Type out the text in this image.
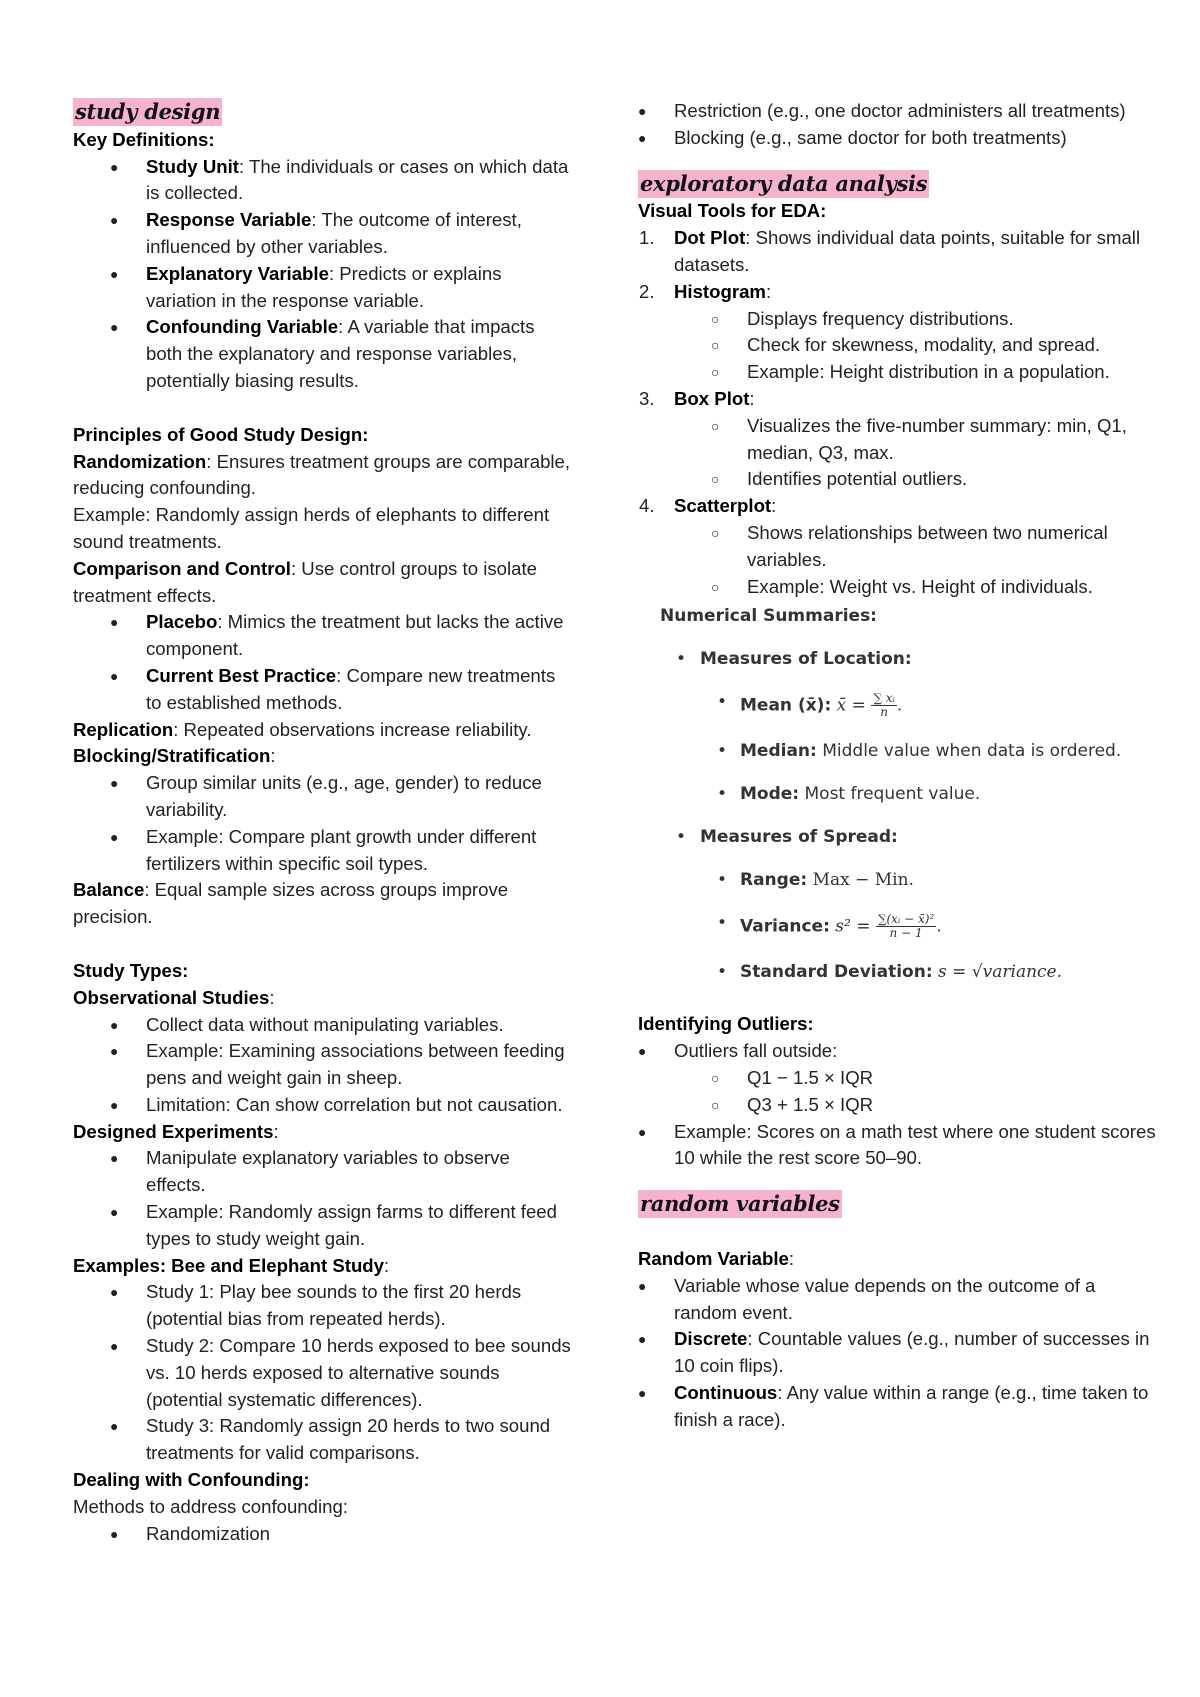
study design

Key Definitions:

● Study Unit: The individuals or cases on which data is collected.
● Response Variable: The outcome of interest, influenced by other variables.
● Explanatory Variable: Predicts or explains variation in the response variable.
● Confounding Variable: A variable that impacts both the explanatory and response variables, potentially biasing results.

Principles of Good Study Design:

Randomization: Ensures treatment groups are comparable, reducing confounding.

Example: Randomly assign herds of elephants to different sound treatments.

Comparison and Control: Use control groups to isolate treatment effects.

● Placebo: Mimics the treatment but lacks the active component.
● Current Best Practice: Compare new treatments to established methods.

Replication: Repeated observations increase reliability.

Blocking/Stratification:

● Group similar units (e.g., age, gender) to reduce variability.
● Example: Compare plant growth under different fertilizers within specific soil types.

Balance: Equal sample sizes across groups improve precision.

Study Types:

Observational Studies:

● Collect data without manipulating variables.
● Example: Examining associations between feeding pens and weight gain in sheep.
● Limitation: Can show correlation but not causation.

Designed Experiments:

● Manipulate explanatory variables to observe effects.
● Example: Randomly assign farms to different feed types to study weight gain.

Examples: Bee and Elephant Study:

● Study 1: Play bee sounds to the first 20 herds (potential bias from repeated herds).
● Study 2: Compare 10 herds exposed to bee sounds vs. 10 herds exposed to alternative sounds (potential systematic differences).
● Study 3: Randomly assign 20 herds to two sound treatments for valid comparisons.

Dealing with Confounding:

Methods to address confounding:

● Randomization
● Restriction (e.g., one doctor administers all treatments)
● Blocking (e.g., same doctor for both treatments)
exploratory data analysis

Visual Tools for EDA:

1. Dot Plot: Shows individual data points, suitable for small datasets.
2. Histogram:
○ Displays frequency distributions.
○ Check for skewness, modality, and spread.
○ Example: Height distribution in a population.
3. Box Plot:
○ Visualizes the five-number summary: min, Q1, median, Q3, max.
○ Identifies potential outliers.
4. Scatterplot:
○ Shows relationships between two numerical variables.
○ Example: Weight vs. Height of individuals.
Numerical Summaries:
• Measures of Location:
• Mean (x̄): x̄ = $\frac{\text{∑ xᵢ}}{n}$ .
• Median: Middle value when data is ordered.
• Mode: Most frequent value.
• Measures of Spread:
• Range: Max − Min.
• Variance: $s^2 = \frac{\text{∑(xᵢ − x̄)²}}{n - 1}$ .
• Standard Deviation: s = √variance.

Identifying Outliers:

● Outliers fall outside:
○ Q1 − 1.5 × IQR
○ Q3 + 1.5 × IQR
● Example: Scores on a math test where one student scores 10 while the rest score 50–90.
random variables

Random Variable:

● Variable whose value depends on the outcome of a random event.
● Discrete: Countable values (e.g., number of successes in 10 coin flips).
● Continuous: Any value within a range (e.g., time taken to finish a race).
